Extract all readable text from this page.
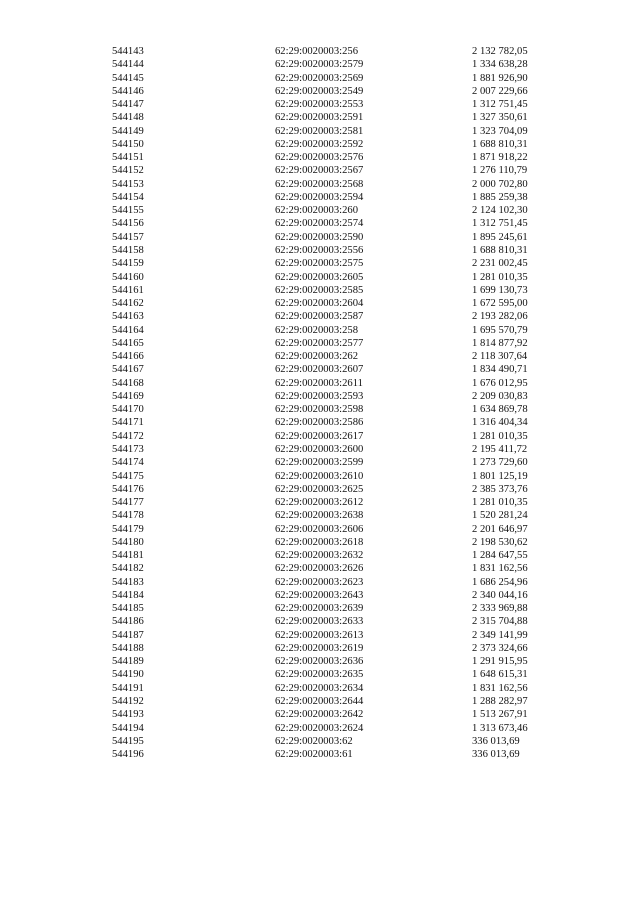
544143	62:29:0020003:256	2 132 782,05
544144	62:29:0020003:2579	1 334 638,28
544145	62:29:0020003:2569	1 881 926,90
544146	62:29:0020003:2549	2 007 229,66
544147	62:29:0020003:2553	1 312 751,45
544148	62:29:0020003:2591	1 327 350,61
544149	62:29:0020003:2581	1 323 704,09
544150	62:29:0020003:2592	1 688 810,31
544151	62:29:0020003:2576	1 871 918,22
544152	62:29:0020003:2567	1 276 110,79
544153	62:29:0020003:2568	2 000 702,80
544154	62:29:0020003:2594	1 885 259,38
544155	62:29:0020003:260	2 124 102,30
544156	62:29:0020003:2574	1 312 751,45
544157	62:29:0020003:2590	1 895 245,61
544158	62:29:0020003:2556	1 688 810,31
544159	62:29:0020003:2575	2 231 002,45
544160	62:29:0020003:2605	1 281 010,35
544161	62:29:0020003:2585	1 699 130,73
544162	62:29:0020003:2604	1 672 595,00
544163	62:29:0020003:2587	2 193 282,06
544164	62:29:0020003:258	1 695 570,79
544165	62:29:0020003:2577	1 814 877,92
544166	62:29:0020003:262	2 118 307,64
544167	62:29:0020003:2607	1 834 490,71
544168	62:29:0020003:2611	1 676 012,95
544169	62:29:0020003:2593	2 209 030,83
544170	62:29:0020003:2598	1 634 869,78
544171	62:29:0020003:2586	1 316 404,34
544172	62:29:0020003:2617	1 281 010,35
544173	62:29:0020003:2600	2 195 411,72
544174	62:29:0020003:2599	1 273 729,60
544175	62:29:0020003:2610	1 801 125,19
544176	62:29:0020003:2625	2 385 373,76
544177	62:29:0020003:2612	1 281 010,35
544178	62:29:0020003:2638	1 520 281,24
544179	62:29:0020003:2606	2 201 646,97
544180	62:29:0020003:2618	2 198 530,62
544181	62:29:0020003:2632	1 284 647,55
544182	62:29:0020003:2626	1 831 162,56
544183	62:29:0020003:2623	1 686 254,96
544184	62:29:0020003:2643	2 340 044,16
544185	62:29:0020003:2639	2 333 969,88
544186	62:29:0020003:2633	2 315 704,88
544187	62:29:0020003:2613	2 349 141,99
544188	62:29:0020003:2619	2 373 324,66
544189	62:29:0020003:2636	1 291 915,95
544190	62:29:0020003:2635	1 648 615,31
544191	62:29:0020003:2634	1 831 162,56
544192	62:29:0020003:2644	1 288 282,97
544193	62:29:0020003:2642	1 513 267,91
544194	62:29:0020003:2624	1 313 673,46
544195	62:29:0020003:62	336 013,69
544196	62:29:0020003:61	336 013,69
